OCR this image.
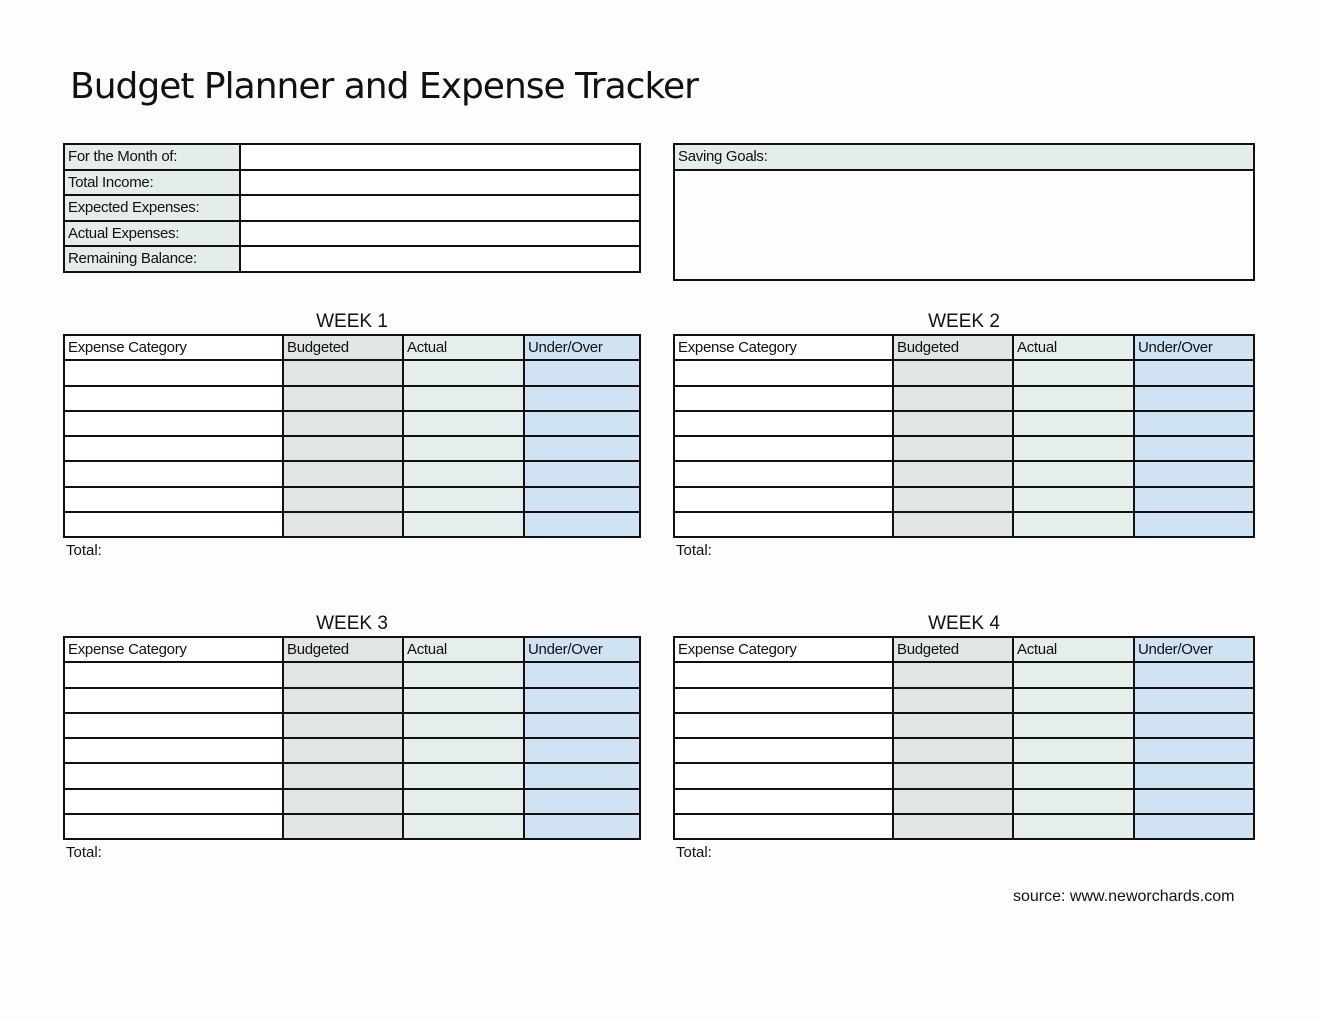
Budget Planner and Expense Tracker
For the Month of:	
Total Income:	
Expected Expenses:	
Actual Expenses:	
Remaining Balance:	
Saving Goals:
WEEK 1
Expense Category	Budgeted	Actual	Under/Over

Total:
WEEK 2
Expense Category	Budgeted	Actual	Under/Over

Total:
WEEK 3
Expense Category	Budgeted	Actual	Under/Over

Total:
WEEK 4
Expense Category	Budgeted	Actual	Under/Over

Total:
source: www.neworchards.com
